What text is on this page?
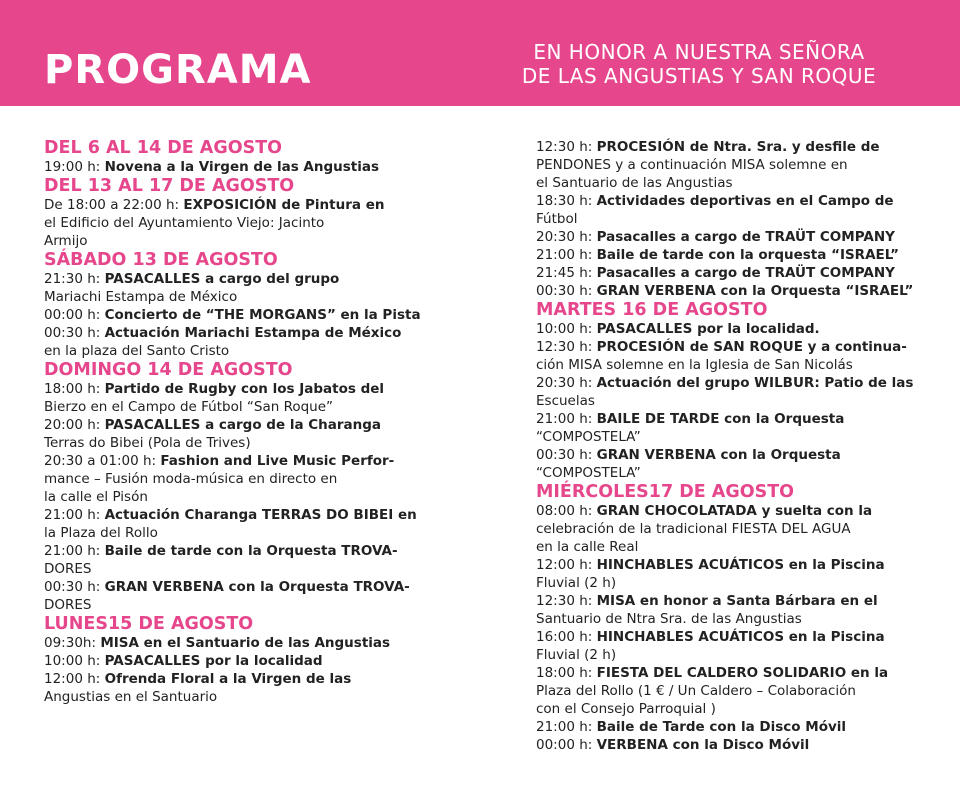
PROGRAMA	EN HONOR A NUESTRA SEÑORA
DE LAS ANGUSTIAS Y SAN ROQUE

DEL 6 AL 14 DE AGOSTO

19:00 h: Novena a la Virgen de las Angustias

DEL 13 AL 17 DE AGOSTO

De 18:00 a 22:00 h: EXPOSICIÓN de Pintura en

el Edificio del Ayuntamiento Viejo: Jacinto

Armijo

SÁBADO 13 DE AGOSTO

21:30 h: PASACALLES a cargo del grupo

Mariachi Estampa de México

00:00 h: Concierto de “THE MORGANS” en la Pista

00:30 h: Actuación Mariachi Estampa de México

en la plaza del Santo Cristo

DOMINGO 14 DE AGOSTO

18:00 h: Partido de Rugby con los Jabatos del

Bierzo en el Campo de Fútbol “San Roque”

20:00 h: PASACALLES a cargo de la Charanga

Terras do Bibei (Pola de Trives)

20:30 a 01:00 h: Fashion and Live Music Perfor-

mance – Fusión moda-música en directo en

la calle el Pisón

21:00 h: Actuación Charanga TERRAS DO BIBEI en

la Plaza del Rollo

21:00 h: Baile de tarde con la Orquesta TROVA-

DORES

00:30 h: GRAN VERBENA con la Orquesta TROVA-

DORES

LUNES15 DE AGOSTO

09:30h: MISA en el Santuario de las Angustias

10:00 h: PASACALLES por la localidad

12:00 h: Ofrenda Floral a la Virgen de las

Angustias en el Santuario

12:30 h: PROCESIÓN de Ntra. Sra. y desfile de

PENDONES y a continuación MISA solemne en

el Santuario de las Angustias

18:30 h: Actividades deportivas en el Campo de

Fútbol

20:30 h: Pasacalles a cargo de TRAÜT COMPANY

21:00 h: Baile de tarde con la orquesta “ISRAEL”

21:45 h: Pasacalles a cargo de TRAÜT COMPANY

00:30 h: GRAN VERBENA con la Orquesta “ISRAEL”

MARTES 16 DE AGOSTO

10:00 h: PASACALLES por la localidad.

12:30 h: PROCESIÓN de SAN ROQUE y a continua-

ción MISA solemne en la Iglesia de San Nicolás

20:30 h: Actuación del grupo WILBUR: Patio de las

Escuelas

21:00 h: BAILE DE TARDE con la Orquesta

“COMPOSTELA”

00:30 h: GRAN VERBENA con la Orquesta

“COMPOSTELA”

MIÉRCOLES17 DE AGOSTO

08:00 h: GRAN CHOCOLATADA y suelta con la

celebración de la tradicional FIESTA DEL AGUA

en la calle Real

12:00 h: HINCHABLES ACUÁTICOS en la Piscina

Fluvial (2 h)

12:30 h: MISA en honor a Santa Bárbara en el

Santuario de Ntra Sra. de las Angustias

16:00 h: HINCHABLES ACUÁTICOS en la Piscina

Fluvial (2 h)

18:00 h: FIESTA DEL CALDERO SOLIDARIO en la

Plaza del Rollo (1 € / Un Caldero – Colaboración

con el Consejo Parroquial )

21:00 h: Baile de Tarde con la Disco Móvil

00:00 h: VERBENA con la Disco Móvil
